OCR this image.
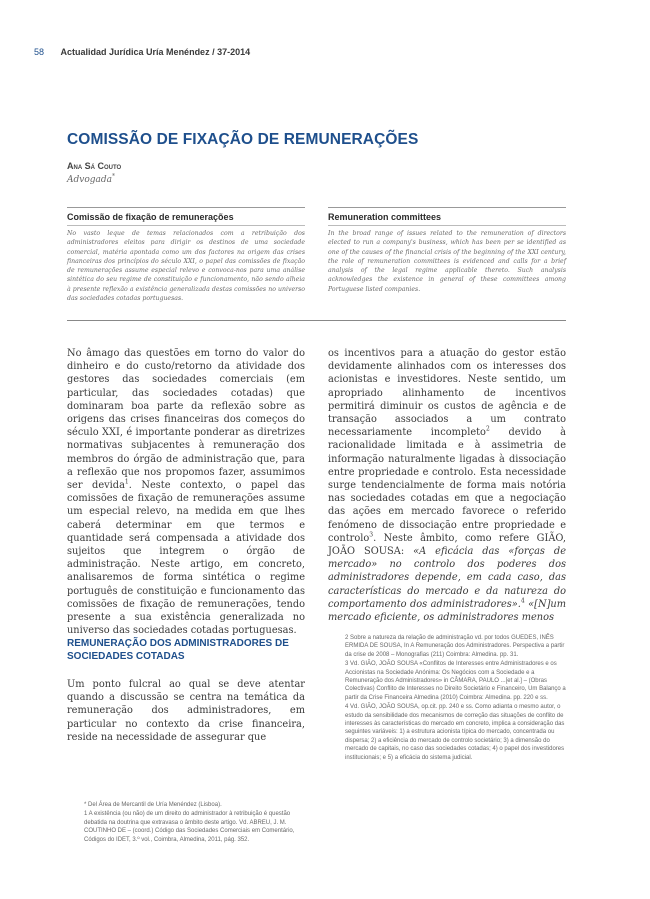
58 Actualidad Jurídica Uría Menéndez / 37-2014
COMISSÃO DE FIXAÇÃO DE REMUNERAÇÕES
Ana Sá Couto
Advogada*
Comissão de fixação de remunerações
No vasto leque de temas relacionados com a retribuição dos administradores eleitos para dirigir os destinos de uma sociedade comercial, matéria apontada como um dos factores na origem das crises financeiras dos princípios do século XXI, o papel das comissões de fixação de remunerações assume especial relevo e convoca-nos para uma análise sintética do seu regime de constituição e funcionamento, não sendo alheia à presente reflexão a existência generalizada destas comissões no universo das sociedades cotadas portuguesas.
Remuneration committees
In the broad range of issues related to the remuneration of directors elected to run a company's business, which has been per se identified as one of the causes of the financial crisis of the beginning of the XXI century, the role of remuneration committees is evidenced and calls for a brief analysis of the legal regime applicable thereto. Such analysis acknowledges the existence in general of these committees among Portuguese listed companies.
No âmago das questões em torno do valor do dinheiro e do custo/retorno da atividade dos gestores das sociedades comerciais (em particular, das sociedades cotadas) que dominaram boa parte da reflexão sobre as origens das crises financeiras dos começos do século XXI, é importante ponderar as diretrizes normativas subjacentes à remuneração dos membros do órgão de administração que, para a reflexão que nos propomos fazer, assumimos ser devida$^1$. Neste contexto, o papel das comissões de fixação de remunerações assume um especial relevo, na medida em que lhes caberá determinar em que termos e quantidade será compensada a atividade dos sujeitos que integrem o órgão de administração. Neste artigo, em concreto, analisaremos de forma sintética o regime português de constituição e funcionamento das comissões de fixação de remunerações, tendo presente a sua existência generalizada no universo das sociedades cotadas portuguesas.
os incentivos para a atuação do gestor estão devidamente alinhados com os interesses dos acionistas e investidores. Neste sentido, um apropriado alinhamento de incentivos permitirá diminuir os custos de agência e de transação associados a um contrato necessariamente incompleto$^2$ devido à racionalidade limitada e à assimetria de informação naturalmente ligadas à dissociação entre propriedade e controlo. Esta necessidade surge tendencialmente de forma mais notória nas sociedades cotadas em que a negociação das ações em mercado favorece o referido fenómeno de dissociação entre propriedade e controlo$^3$. Neste âmbito, como refere GIÃO, JOÃO SOUSA: «A eficácia das «forças de mercado» no controlo dos poderes dos administradores depende, em cada caso, das características do mercado e da natureza do comportamento dos administradores».$^4$ «[N]um mercado eficiente, os administradores menos
REMUNERAÇÃO DOS ADMINISTRADORES DE SOCIEDADES COTADAS
Um ponto fulcral ao qual se deve atentar quando a discussão se centra na temática da remuneração dos administradores, em particular no contexto da crise financeira, reside na necessidade de assegurar que
* Del Área de Mercantil de Uría Menéndez (Lisboa).
1 A existência (ou não) de um direito do administrador à retribuição é questão debatida na doutrina que extravasa o âmbito deste artigo. Vd. ABREU, J. M. COUTINHO DE – (coord.) Código das Sociedades Comerciais em Comentário, Códigos do IDET, 3.º vol., Coimbra, Almedina, 2011, pág. 352.
2 Sobre a natureza da relação de administração vd. por todos GUEDES, INÊS ERMIDA DE SOUSA, In A Remuneração dos Administradores. Perspectiva a partir da crise de 2008 – Monografias (211) Coimbra: Almedina. pp. 31.
3 Vd. GIÃO, JOÃO SOUSA «Conflitos de Interesses entre Administradores e os Accionistas na Sociedade Anónima: Os Negócios com a Sociedade e a Remuneração dos Administradores» in CÂMARA, PAULO ...[et al.] – (Obras Colectivas) Conflito de Interesses no Direito Societário e Financeiro, Um Balanço a partir da Crise Financeira Almedina (2010) Coimbra: Almedina. pp. 220 e ss.
4 Vd. GIÃO, JOÃO SOUSA, op.cit. pp. 240 e ss. Como adianta o mesmo autor, o estudo da sensibilidade dos mecanismos de correção das situações de conflito de interesses às características do mercado em concreto, implica a consideração das seguintes variáveis: 1) a estrutura acionista típica do mercado, concentrada ou dispersa; 2) a eficiência do mercado de controlo societário; 3) a dimensão do mercado de capitais, no caso das sociedades cotadas; 4) o papel dos investidores institucionais; e 5) a eficácia do sistema judicial.
